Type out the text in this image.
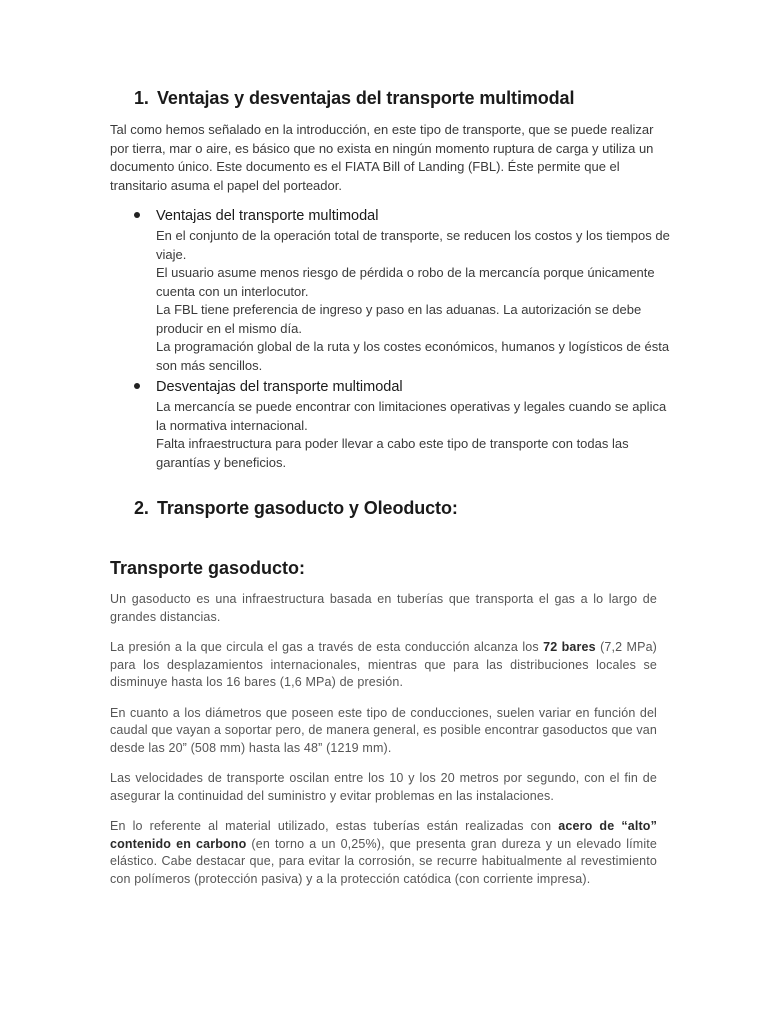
1. Ventajas y desventajas del transporte multimodal

Tal como hemos señalado en la introducción, en este tipo de transporte, que se puede realizar por tierra, mar o aire, es básico que no exista en ningún momento ruptura de carga y utiliza un documento único. Este documento es el FIATA Bill of Landing (FBL). Éste permite que el transitario asuma el papel del porteador.

Ventajas del transporte multimodal

En el conjunto de la operación total de transporte, se reducen los costos y los tiempos de viaje.

El usuario asume menos riesgo de pérdida o robo de la mercancía porque únicamente cuenta con un interlocutor.

La FBL tiene preferencia de ingreso y paso en las aduanas. La autorización se debe producir en el mismo día.

La programación global de la ruta y los costes económicos, humanos y logísticos de ésta son más sencillos.

Desventajas del transporte multimodal

La mercancía se puede encontrar con limitaciones operativas y legales cuando se aplica la normativa internacional.

Falta infraestructura para poder llevar a cabo este tipo de transporte con todas las garantías y beneficios.

2. Transporte gasoducto y Oleoducto:
Transporte gasoducto:

Un gasoducto es una infraestructura basada en tuberías que transporta el gas a lo largo de grandes distancias.

La presión a la que circula el gas a través de esta conducción alcanza los 72 bares (7,2 MPa) para los desplazamientos internacionales, mientras que para las distribuciones locales se disminuye hasta los 16 bares (1,6 MPa) de presión.

En cuanto a los diámetros que poseen este tipo de conducciones, suelen variar en función del caudal que vayan a soportar pero, de manera general, es posible encontrar gasoductos que van desde las 20” (508 mm) hasta las 48” (1219 mm).

Las velocidades de transporte oscilan entre los 10 y los 20 metros por segundo, con el fin de asegurar la continuidad del suministro y evitar problemas en las instalaciones.

En lo referente al material utilizado, estas tuberías están realizadas con acero de “alto” contenido en carbono (en torno a un 0,25%), que presenta gran dureza y un elevado límite elástico. Cabe destacar que, para evitar la corrosión, se recurre habitualmente al revestimiento con polímeros (protección pasiva) y a la protección catódica (con corriente impresa).
